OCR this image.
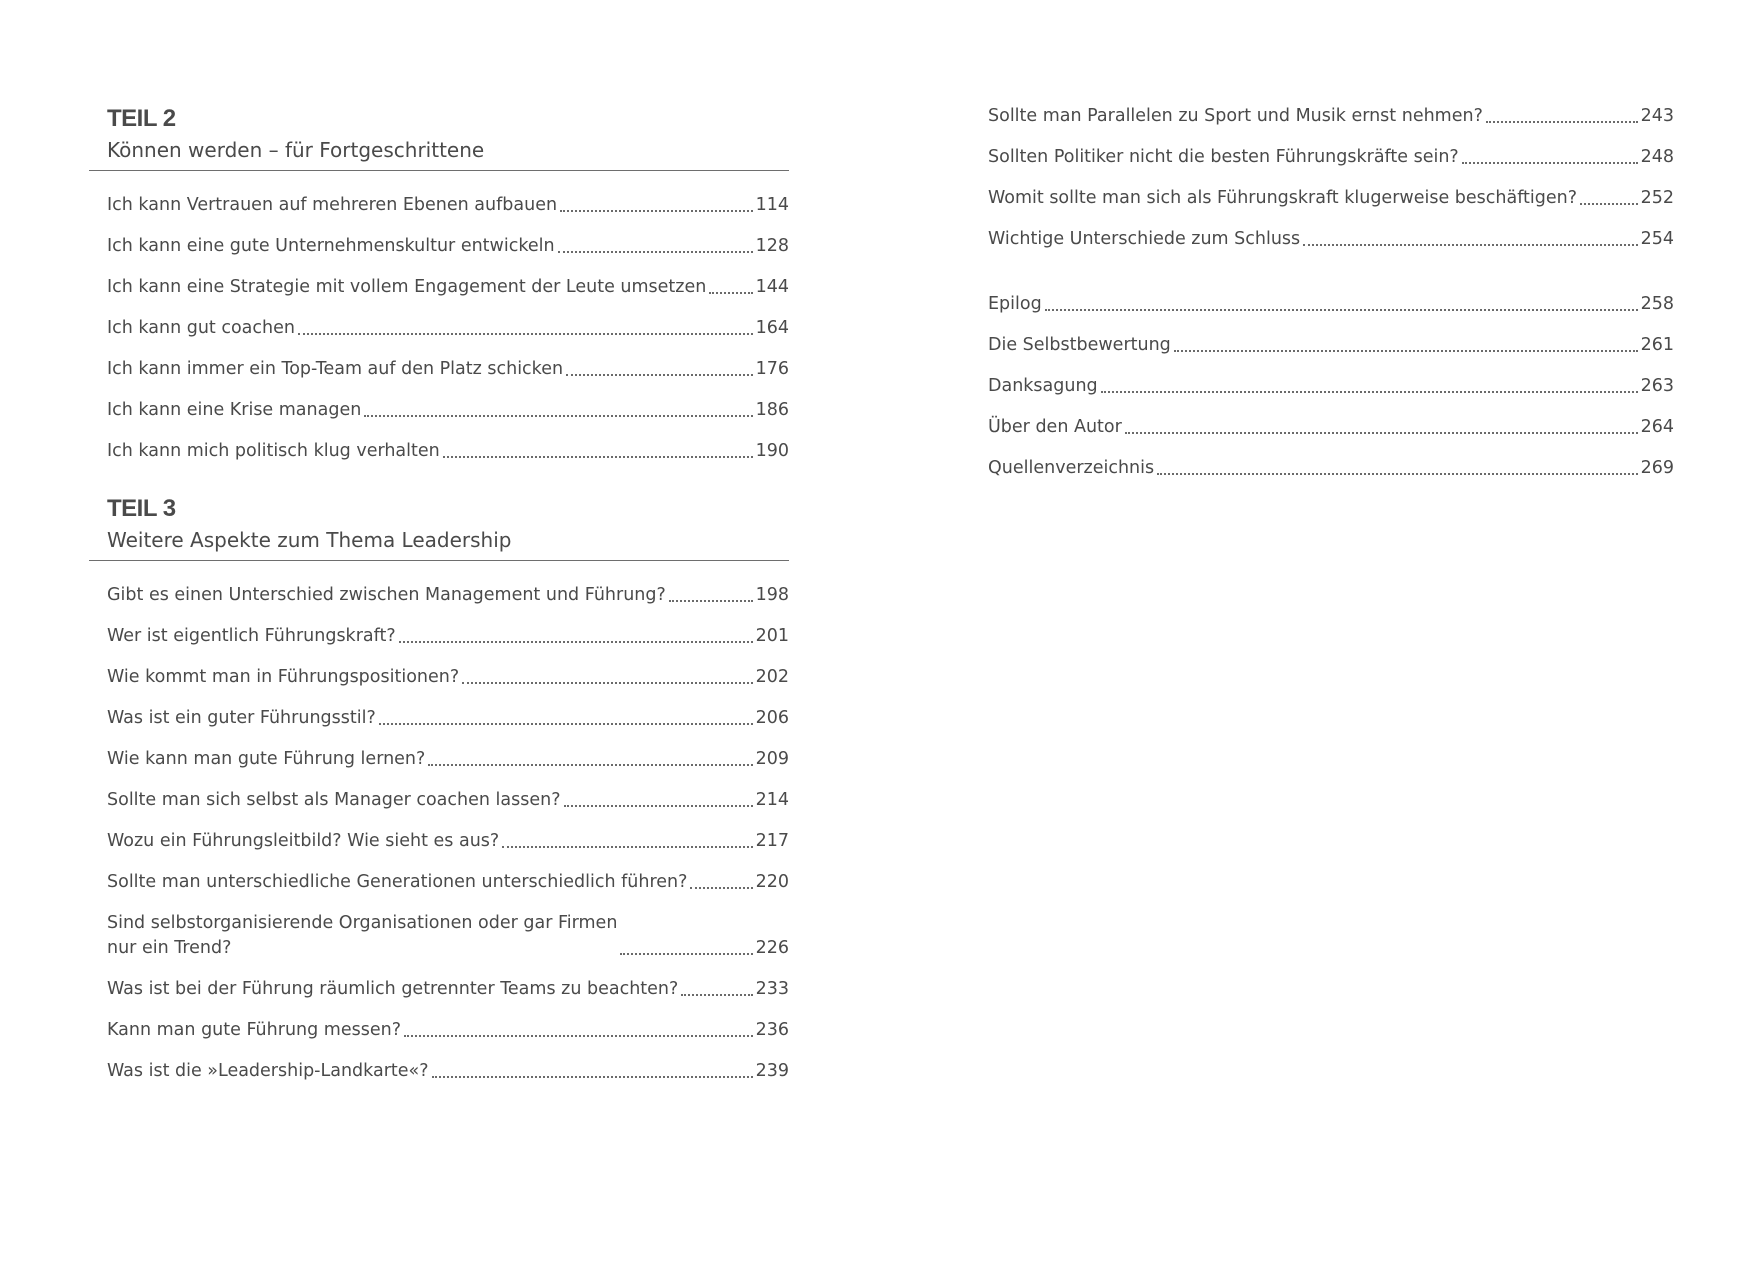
TEIL 2
Können werden – für Fortgeschrittene
Ich kann Vertrauen auf mehreren Ebenen aufbauen	114
Ich kann eine gute Unternehmenskultur entwickeln	128
Ich kann eine Strategie mit vollem Engagement der Leute umsetzen	144
Ich kann gut coachen	164
Ich kann immer ein Top-Team auf den Platz schicken	176
Ich kann eine Krise managen	186
Ich kann mich politisch klug verhalten	190
TEIL 3
Weitere Aspekte zum Thema Leadership
Gibt es einen Unterschied zwischen Management und Führung?	198
Wer ist eigentlich Führungskraft?	201
Wie kommt man in Führungspositionen?	202
Was ist ein guter Führungsstil?	206
Wie kann man gute Führung lernen?	209
Sollte man sich selbst als Manager coachen lassen?	214
Wozu ein Führungsleitbild? Wie sieht es aus?	217
Sollte man unterschiedliche Generationen unterschiedlich führen?	220
Sind selbstorganisierende Organisationen oder gar Firmen
nur ein Trend?	226
Was ist bei der Führung räumlich getrennter Teams zu beachten?	233
Kann man gute Führung messen?	236
Was ist die »Leadership-Landkarte«?	239
Sollte man Parallelen zu Sport und Musik ernst nehmen?	243
Sollten Politiker nicht die besten Führungskräfte sein?	248
Womit sollte man sich als Führungskraft klugerweise beschäftigen?	252
Wichtige Unterschiede zum Schluss	254
Epilog	258
Die Selbstbewertung	261
Danksagung	263
Über den Autor	264
Quellenverzeichnis	269
